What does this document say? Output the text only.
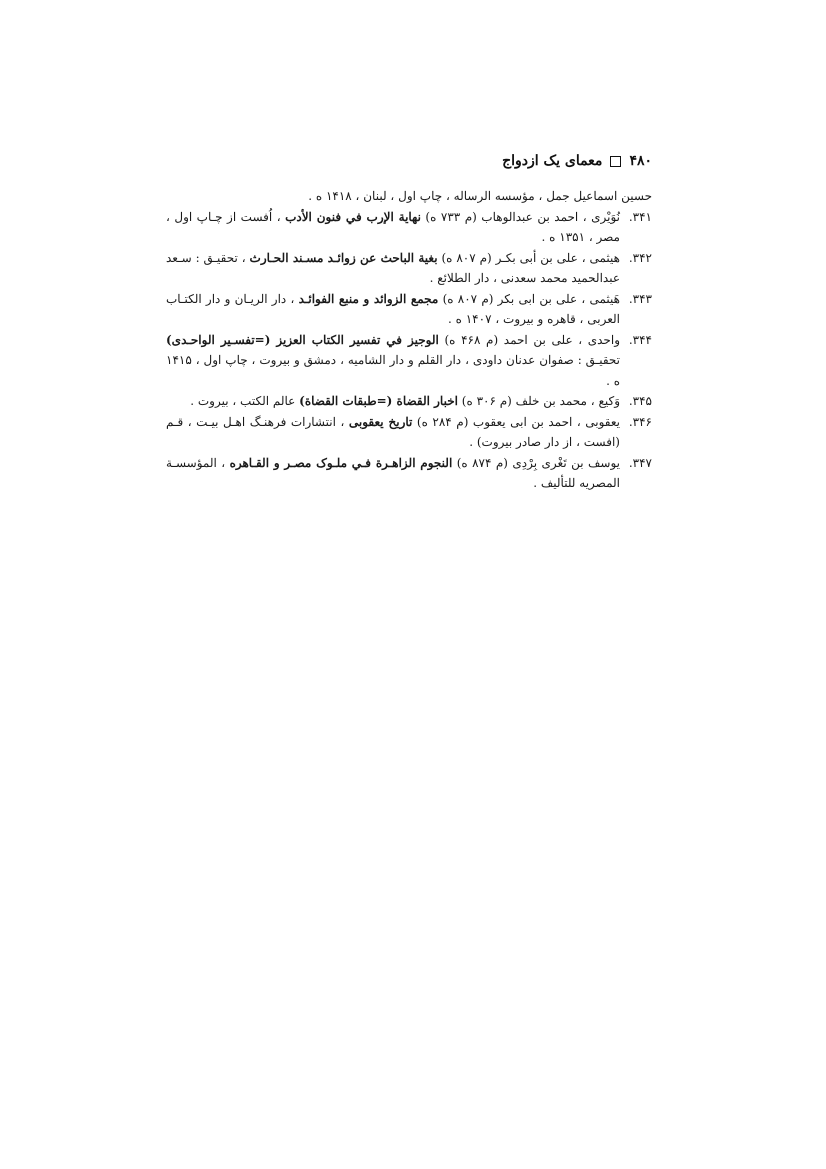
معمای یک ازدواج ۴۸۰
حسین اسماعیل جمل ، مؤسسه الرساله ، چاپ اول ، لبنان ، ۱۴۱۸ ه .
۳۴۱.
نُوَیْری ، احمد بن عبدالوهاب (م ۷۳۳ ه) نهایة الإرب في فنون الأدب ، اُفست از چـاپ اول ، مصر ، ۱۳۵۱ ه .
۳۴۲.
هیثمی ، علی بن أبی بکـر (م ۸۰۷ ه) بغیة الباحث عن زوائـد مسـند الحـارث ، تحقیـق : سـعد عبدالحمید محمد سعدنی ، دار الطلائع .
۳۴۳.
هَیثمی ، علی بن ابی بکر (م ۸۰۷ ه) مجمع الزوائد و منبع الفوائـد ، دار الریـان و دار الکتـاب العربی ، قاهره و بیروت ، ۱۴۰۷ ه .
۳۴۴.
واحدی ، علی بن احمد (م ۴۶۸ ه) الوجیز في تفسیر الکتاب العزیز (=تفسـیر الواحـدی) تحقیـق : صفوان عدنان داودی ، دار القلم و دار الشامیه ، دمشق و بیروت ، چاپ اول ، ۱۴۱۵ ه .
۳۴۵.
وَکیع ، محمد بن خلف (م ۳۰۶ ه) اخبار القضاة (=طبقات القضاة) عالم الکتب ، بیروت .
۳۴۶.
یعقوبی ، احمد بن ابی یعقوب (م ۲۸۴ ه) تاریخ یعقوبی ، انتشارات فرهنـگ اهـل بیـت ، قـم (افست ، از دار صادر بیروت) .
۳۴۷.
یوسف بن تَغْری بِرْدِی (م ۸۷۴ ه) النجوم الزاهـرة فـي ملـوک مصـر و القـاهره ، المؤسسـة المصریه للتألیف .
